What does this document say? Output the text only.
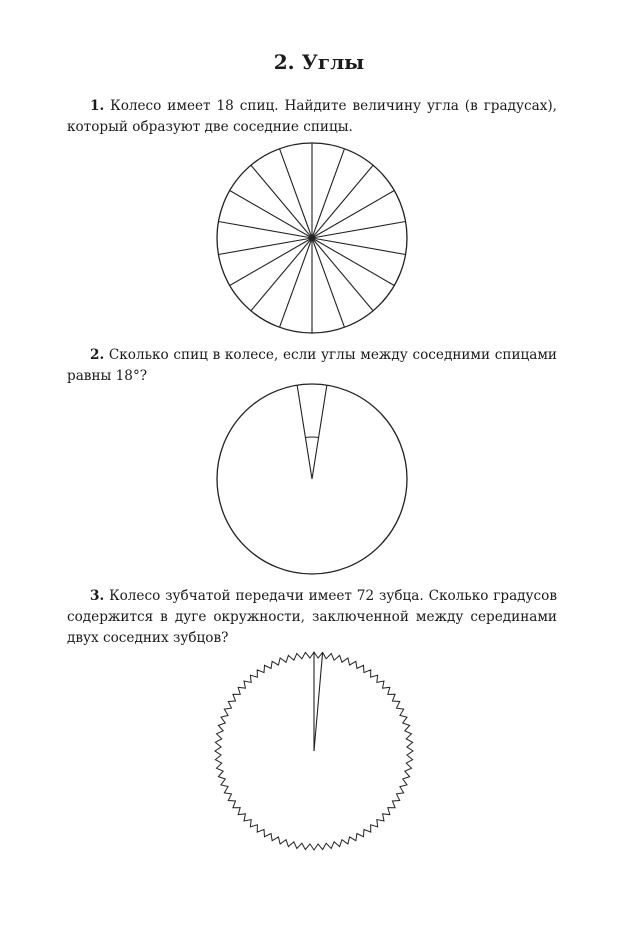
2. Углы

1. Колесо имеет 18 спиц. Найдите величину угла (в градусах), который образуют две соседние спицы.

2. Сколько спиц в колесе, если углы между соседними спицами равны 18°?

3. Колесо зубчатой передачи имеет 72 зубца. Сколько градусов содержится в дуге окружности, заключенной между серединами двух соседних зубцов?
